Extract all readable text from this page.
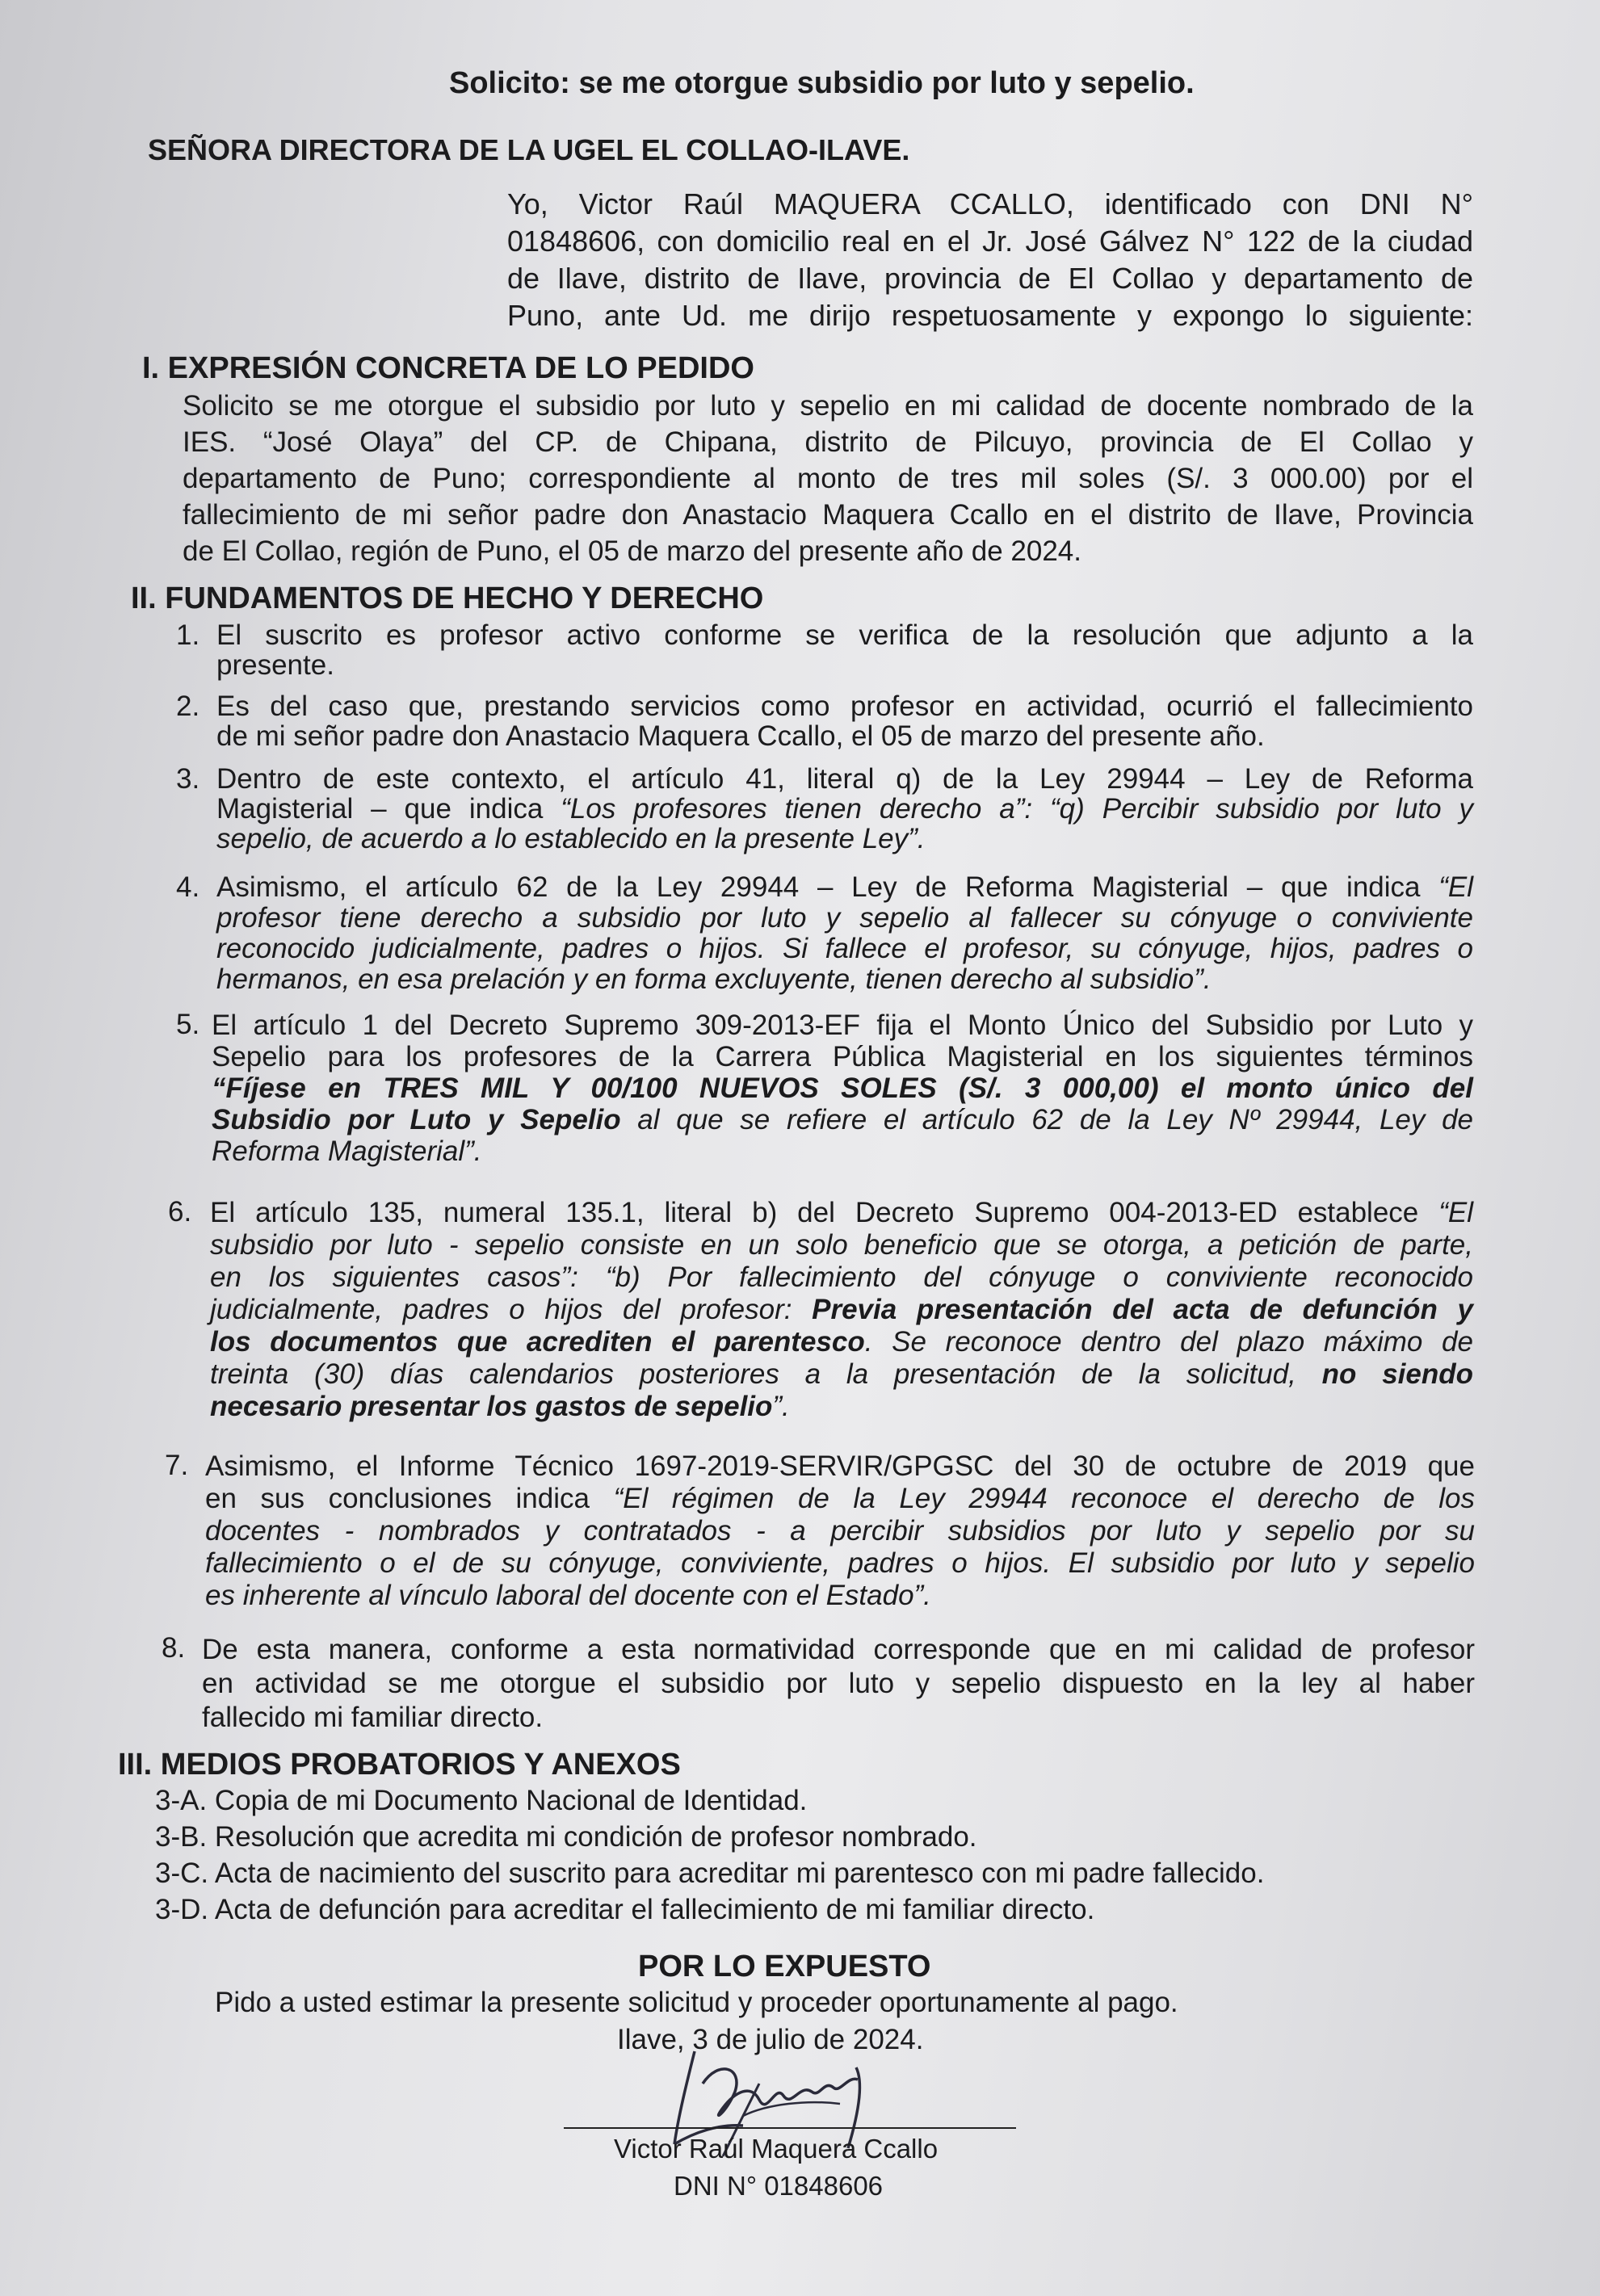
Solicito: se me otorgue subsidio por luto y sepelio.
SEÑORA DIRECTORA DE LA UGEL EL COLLAO-ILAVE.

Yo, Victor Raúl MAQUERA CCALLO, identificado con DNI N°

01848606, con domicilio real en el Jr. José Gálvez N° 122 de la ciudad

de Ilave, distrito de Ilave, provincia de El Collao y departamento de

Puno, ante Ud. me dirijo respetuosamente y expongo lo siguiente:

I. EXPRESIÓN CONCRETA DE LO PEDIDO

Solicito se me otorgue el subsidio por luto y sepelio en mi calidad de docente nombrado de la

IES. “José Olaya” del CP. de Chipana, distrito de Pilcuyo, provincia de El Collao y

departamento de Puno; correspondiente al monto de tres mil soles (S/. 3 000.00) por el

fallecimiento de mi señor padre don Anastacio Maquera Ccallo en el distrito de Ilave, Provincia

de El Collao, región de Puno, el 05 de marzo del presente año de 2024.

II. FUNDAMENTOS DE HECHO Y DERECHO
1. El suscrito es profesor activo conforme se verifica de la resolución que adjunto a la
presente.
2. Es del caso que, prestando servicios como profesor en actividad, ocurrió el fallecimiento
de mi señor padre don Anastacio Maquera Ccallo, el 05 de marzo del presente año.
3. Dentro de este contexto, el artículo 41, literal q) de la Ley 29944 – Ley de Reforma
Magisterial – que indica “Los profesores tienen derecho a”: “q) Percibir subsidio por luto y
sepelio, de acuerdo a lo establecido en la presente Ley”.
4. Asimismo, el artículo 62 de la Ley 29944 – Ley de Reforma Magisterial – que indica “El
profesor tiene derecho a subsidio por luto y sepelio al fallecer su cónyuge o conviviente
reconocido judicialmente, padres o hijos. Si fallece el profesor, su cónyuge, hijos, padres o
hermanos, en esa prelación y en forma excluyente, tienen derecho al subsidio”.
5. El artículo 1 del Decreto Supremo 309-2013-EF fija el Monto Único del Subsidio por Luto y
Sepelio para los profesores de la Carrera Pública Magisterial en los siguientes términos
“Fíjese en TRES MIL Y 00/100 NUEVOS SOLES (S/. 3 000,00) el monto único del
Subsidio por Luto y Sepelio al que se refiere el artículo 62 de la Ley Nº 29944, Ley de
Reforma Magisterial”.
6. El artículo 135, numeral 135.1, literal b) del Decreto Supremo 004-2013-ED establece “El
subsidio por luto - sepelio consiste en un solo beneficio que se otorga, a petición de parte,
en los siguientes casos”: “b) Por fallecimiento del cónyuge o conviviente reconocido
judicialmente, padres o hijos del profesor: Previa presentación del acta de defunción y
los documentos que acrediten el parentesco. Se reconoce dentro del plazo máximo de
treinta (30) días calendarios posteriores a la presentación de la solicitud, no siendo
necesario presentar los gastos de sepelio”.
7. Asimismo, el Informe Técnico 1697-2019-SERVIR/GPGSC del 30 de octubre de 2019 que
en sus conclusiones indica “El régimen de la Ley 29944 reconoce el derecho de los
docentes - nombrados y contratados - a percibir subsidios por luto y sepelio por su
fallecimiento o el de su cónyuge, conviviente, padres o hijos. El subsidio por luto y sepelio
es inherente al vínculo laboral del docente con el Estado”.
8. De esta manera, conforme a esta normatividad corresponde que en mi calidad de profesor
en actividad se me otorgue el subsidio por luto y sepelio dispuesto en la ley al haber
fallecido mi familiar directo.
III. MEDIOS PROBATORIOS Y ANEXOS
3-A. Copia de mi Documento Nacional de Identidad.
3-B. Resolución que acredita mi condición de profesor nombrado.
3-C. Acta de nacimiento del suscrito para acreditar mi parentesco con mi padre fallecido.
3-D. Acta de defunción para acreditar el fallecimiento de mi familiar directo.
POR LO EXPUESTO
Pido a usted estimar la presente solicitud y proceder oportunamente al pago.
Ilave, 3 de julio de 2024.
Victor Raúl Maquera Ccallo
DNI N° 01848606
